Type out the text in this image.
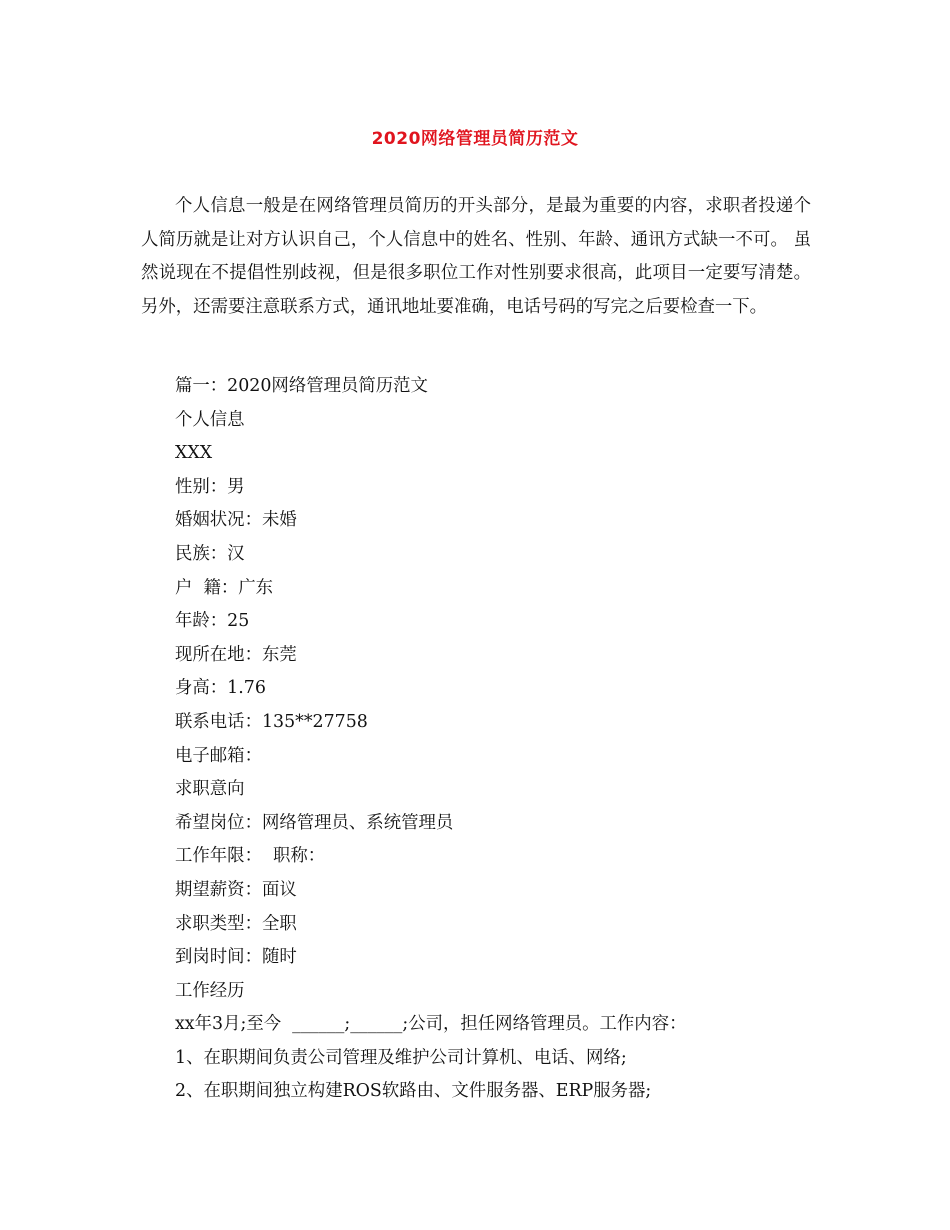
2020网络管理员简历范文

个人信息一般是在网络管理员简历的开头部分，是最为重要的内容，求职者投递个人简历就是让对方认识自己，个人信息中的姓名、性别、年龄、通讯方式缺一不可。 虽然说现在不提倡性别歧视，但是很多职位工作对性别要求很高，此项目一定要写清楚。另外，还需要注意联系方式，通讯地址要准确，电话号码的写完之后要检查一下。

篇一：2020网络管理员简历范文
个人信息
XXX
性别：男
婚姻状况：未婚
民族：汉
户  籍：广东
年龄：25
现所在地：东莞
身高：1.76
联系电话：135**27758
电子邮箱：
求职意向
希望岗位：网络管理员、系统管理员
工作年限：  职称：
期望薪资：面议
求职类型：全职
到岗时间：随时
工作经历
xx年3月;至今  ______;______;公司，担任网络管理员。工作内容：
1、在职期间负责公司管理及维护公司计算机、电话、网络;
2、在职期间独立构建ROS软路由、文件服务器、ERP服务器;
